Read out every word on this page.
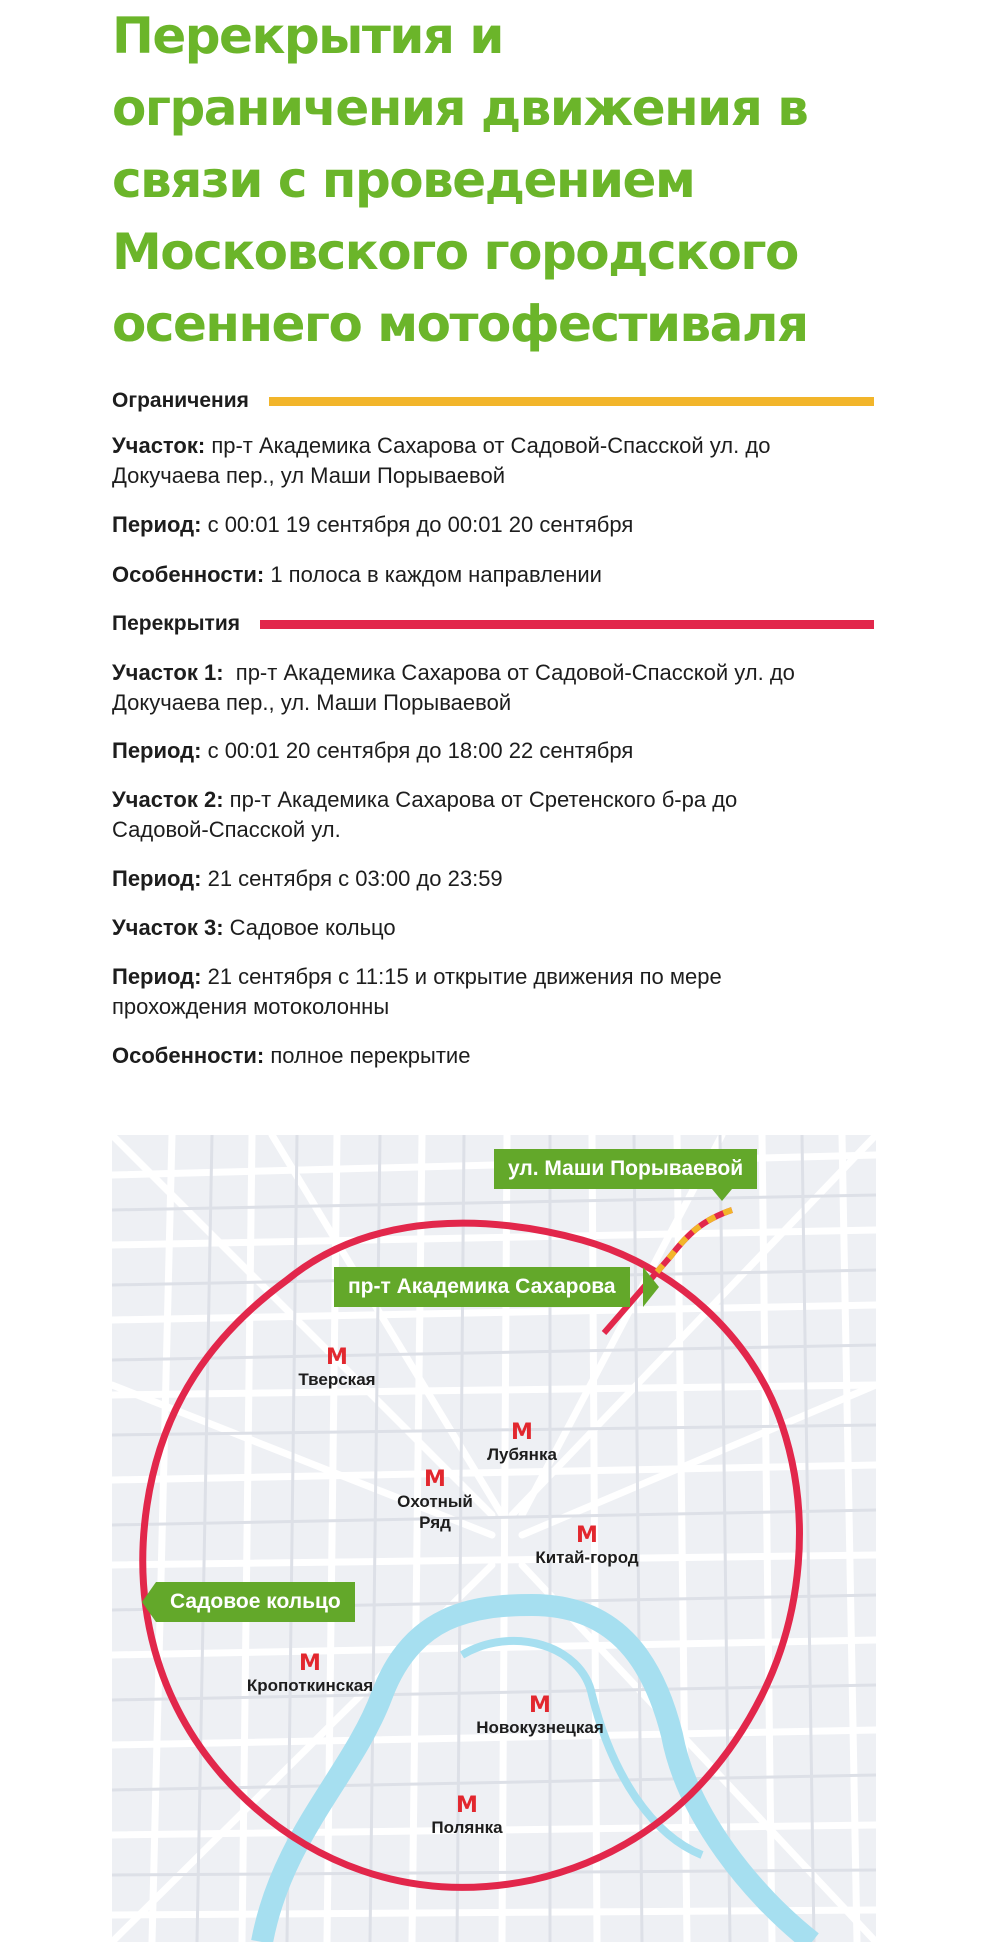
Перекрытия и
ограничения движения в
связи с проведением
Московского городского
осеннего мотофестиваля
Ограничения
Участок: пр-т Академика Сахарова от Садовой-Спасской ул. до
Докучаева пер., ул Маши Порываевой
Период: с 00:01 19 сентября до 00:01 20 сентября
Особенности: 1 полоса в каждом направлении
Перекрытия
Участок 1: пр-т Академика Сахарова от Садовой-Спасской ул. до
Докучаева пер., ул. Маши Порываевой
Период: с 00:01 20 сентября до 18:00 22 сентября
Участок 2: пр-т Академика Сахарова от Сретенского б-ра до
Садовой-Спасской ул.
Период: 21 сентября с 03:00 до 23:59
Участок 3: Садовое кольцо
Период: 21 сентября с 11:15 и открытие движения по мере
прохождения мотоколонны
Особенности: полное перекрытие
ул. Маши Порываевой
пр-т Академика Сахарова
Садовое кольцо
M
Тверская
M
Лубянка
M
Охотный
Ряд
M
Китай-город
M
Кропоткинская
M
Новокузнецкая
M
Полянка
